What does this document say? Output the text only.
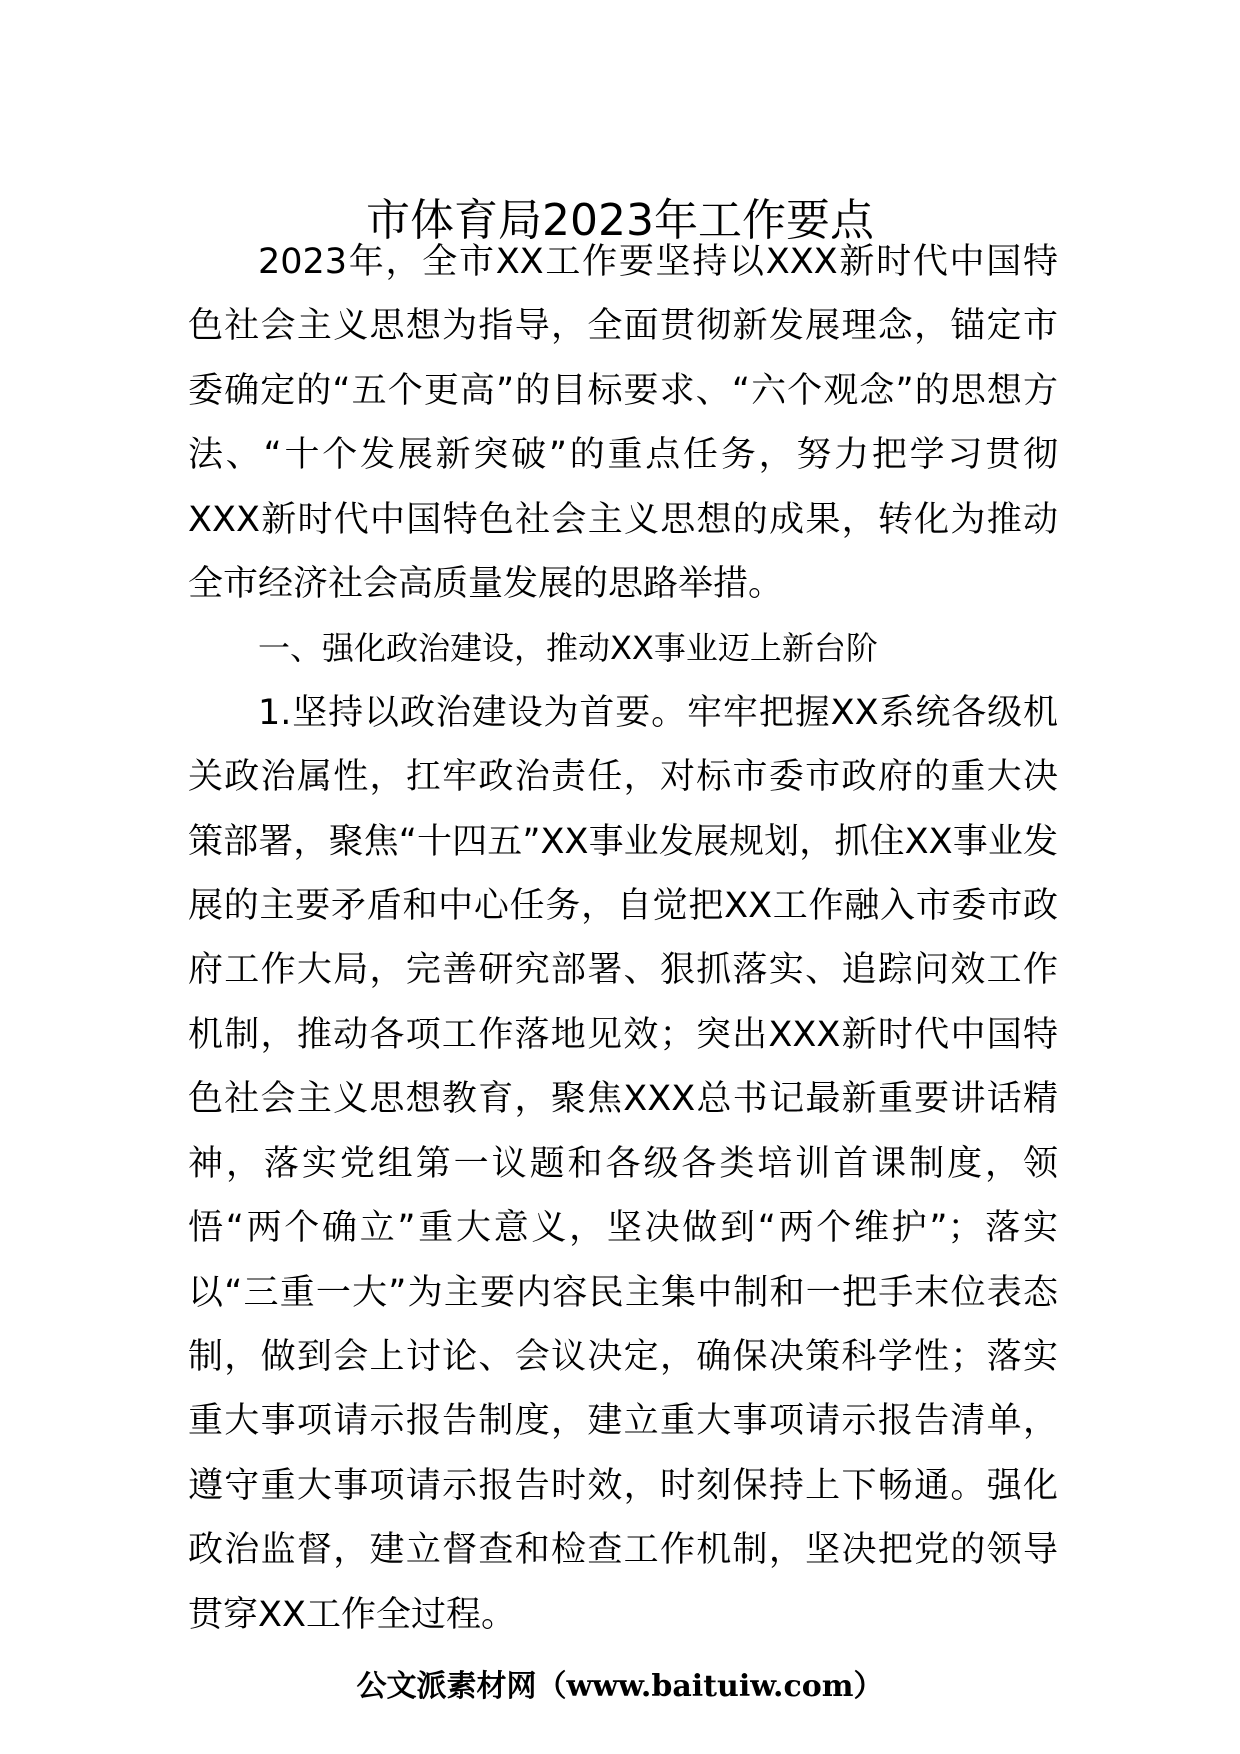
市体育局2023年工作要点

2023年，全市XX工作要坚持以XXX新时代中国特色社会主义思想为指导，全面贯彻新发展理念，锚定市委确定的“五个更高”的目标要求、“六个观念”的思想方法、“十个发展新突破”的重点任务，努力把学习贯彻XXX新时代中国特色社会主义思想的成果，转化为推动全市经济社会高质量发展的思路举措。

一、强化政治建设，推动XX事业迈上新台阶

1.坚持以政治建设为首要。牢牢把握XX系统各级机关政治属性，扛牢政治责任，对标市委市政府的重大决策部署，聚焦“十四五”XX事业发展规划，抓住XX事业发展的主要矛盾和中心任务，自觉把XX工作融入市委市政府工作大局，完善研究部署、狠抓落实、追踪问效工作机制，推动各项工作落地见效；突出XXX新时代中国特色社会主义思想教育，聚焦XXX总书记最新重要讲话精神，落实党组第一议题和各级各类培训首课制度，领悟“两个确立”重大意义，坚决做到“两个维护”；落实以“三重一大”为主要内容民主集中制和一把手末位表态制，做到会上讨论、会议决定，确保决策科学性；落实重大事项请示报告制度，建立重大事项请示报告清单，遵守重大事项请示报告时效，时刻保持上下畅通。强化政治监督，建立督查和检查工作机制，坚决把党的领导贯穿XX工作全过程。

公文派素材网（www.baituiw.com）
